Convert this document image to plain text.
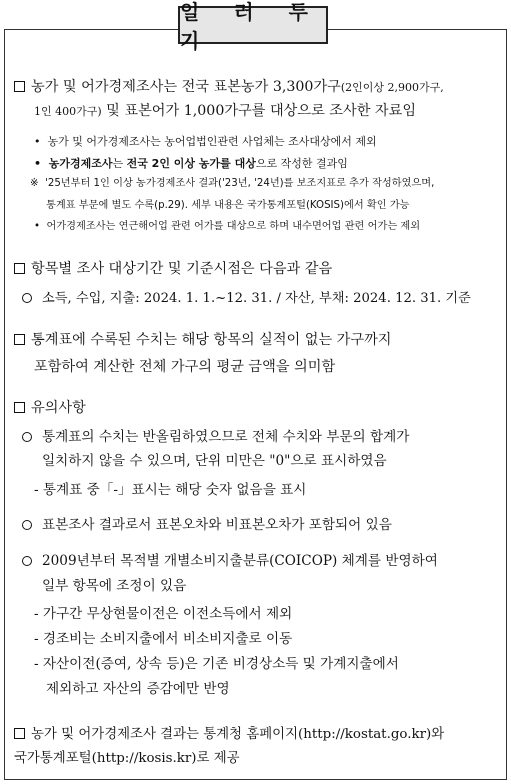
일 러 두 기
농가 및 어가경제조사는 전국 표본농가 3,300가구(2인이상 2,900가구,
1인 400가구) 및 표본어가 1,000가구를 대상으로 조사한 자료임
•  농가 및 어가경제조사는 농어업법인관련 사업체는 조사대상에서 제외
•  농가경제조사는 전국 2인 이상 농가를 대상으로 작성한 결과임
※ '25년부터 1인 이상 농가경제조사 결과('23년, '24년)를 보조지표로 추가 작성하였으며,
통계표 부문에 별도 수록(p.29). 세부 내용은 국가통계포털(KOSIS)에서 확인 가능
•  어가경제조사는 연근해어업 관련 어가를 대상으로 하며 내수면어업 관련 어가는 제외
항목별 조사 대상기간 및 기준시점은 다음과 같음
소득, 수입, 지출: 2024. 1. 1.~12. 31. / 자산, 부채: 2024. 12. 31. 기준
통계표에 수록된 수치는 해당 항목의 실적이 없는 가구까지
포함하여 계산한 전체 가구의 평균 금액을 의미함
유의사항
통계표의 수치는 반올림하였으므로 전체 수치와 부문의 합계가
일치하지 않을 수 있으며, 단위 미만은 "0"으로 표시하였음
- 통계표 중「-」표시는 해당 숫자 없음을 표시
표본조사 결과로서 표본오차와 비표본오차가 포함되어 있음
2009년부터 목적별 개별소비지출분류(COICOP) 체계를 반영하여
일부 항목에 조정이 있음
- 가구간 무상현물이전은 이전소득에서 제외
- 경조비는 소비지출에서 비소비지출로 이동
- 자산이전(증여, 상속 등)은 기존 비경상소득 및 가계지출에서
제외하고 자산의 증감에만 반영
농가 및 어가경제조사 결과는 통계청 홈페이지(http://kostat.go.kr)와
국가통계포털(http://kosis.kr)로 제공
